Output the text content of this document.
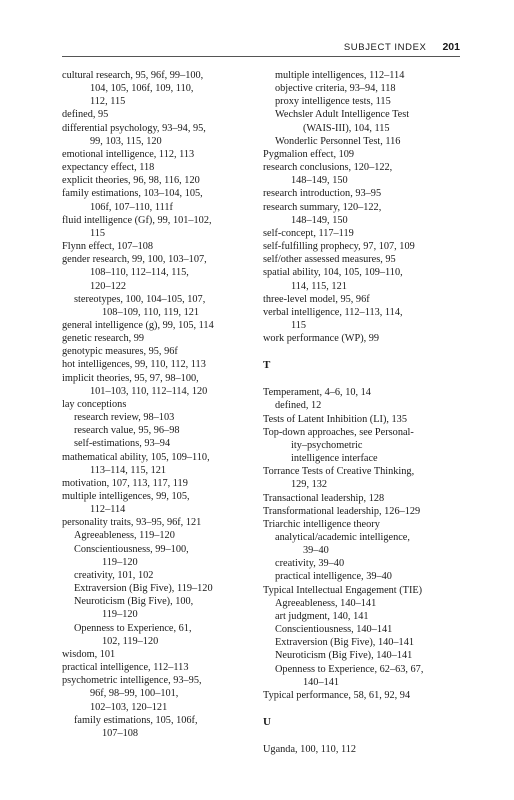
SUBJECT INDEX 201
cultural research, 95, 96f, 99–100,
104, 105, 106f, 109, 110,
112, 115
defined, 95
differential psychology, 93–94, 95,
99, 103, 115, 120
emotional intelligence, 112, 113
expectancy effect, 118
explicit theories, 96, 98, 116, 120
family estimations, 103–104, 105,
106f, 107–110, 111f
fluid intelligence (Gf), 99, 101–102,
115
Flynn effect, 107–108
gender research, 99, 100, 103–107,
108–110, 112–114, 115,
120–122
stereotypes, 100, 104–105, 107,
108–109, 110, 119, 121
general intelligence (g), 99, 105, 114
genetic research, 99
genotypic measures, 95, 96f
hot intelligences, 99, 110, 112, 113
implicit theories, 95, 97, 98–100,
101–103, 110, 112–114, 120
lay conceptions
research review, 98–103
research value, 95, 96–98
self-estimations, 93–94
mathematical ability, 105, 109–110,
113–114, 115, 121
motivation, 107, 113, 117, 119
multiple intelligences, 99, 105,
112–114
personality traits, 93–95, 96f, 121
Agreeableness, 119–120
Conscientiousness, 99–100,
119–120
creativity, 101, 102
Extraversion (Big Five), 119–120
Neuroticism (Big Five), 100,
119–120
Openness to Experience, 61,
102, 119–120
wisdom, 101
practical intelligence, 112–113
psychometric intelligence, 93–95,
96f, 98–99, 100–101,
102–103, 120–121
family estimations, 105, 106f,
107–108
multiple intelligences, 112–114
objective criteria, 93–94, 118
proxy intelligence tests, 115
Wechsler Adult Intelligence Test
(WAIS-III), 104, 115
Wonderlic Personnel Test, 116
Pygmalion effect, 109
research conclusions, 120–122,
148–149, 150
research introduction, 93–95
research summary, 120–122,
148–149, 150
self-concept, 117–119
self-fulfilling prophecy, 97, 107, 109
self/other assessed measures, 95
spatial ability, 104, 105, 109–110,
114, 115, 121
three-level model, 95, 96f
verbal intelligence, 112–113, 114,
115
work performance (WP), 99
T
Temperament, 4–6, 10, 14
defined, 12
Tests of Latent Inhibition (LI), 135
Top-down approaches, see Personal-
ity–psychometric
intelligence interface
Torrance Tests of Creative Thinking,
129, 132
Transactional leadership, 128
Transformational leadership, 126–129
Triarchic intelligence theory
analytical/academic intelligence,
39–40
creativity, 39–40
practical intelligence, 39–40
Typical Intellectual Engagement (TIE)
Agreeableness, 140–141
art judgment, 140, 141
Conscientiousness, 140–141
Extraversion (Big Five), 140–141
Neuroticism (Big Five), 140–141
Openness to Experience, 62–63, 67,
140–141
Typical performance, 58, 61, 92, 94
U
Uganda, 100, 110, 112
